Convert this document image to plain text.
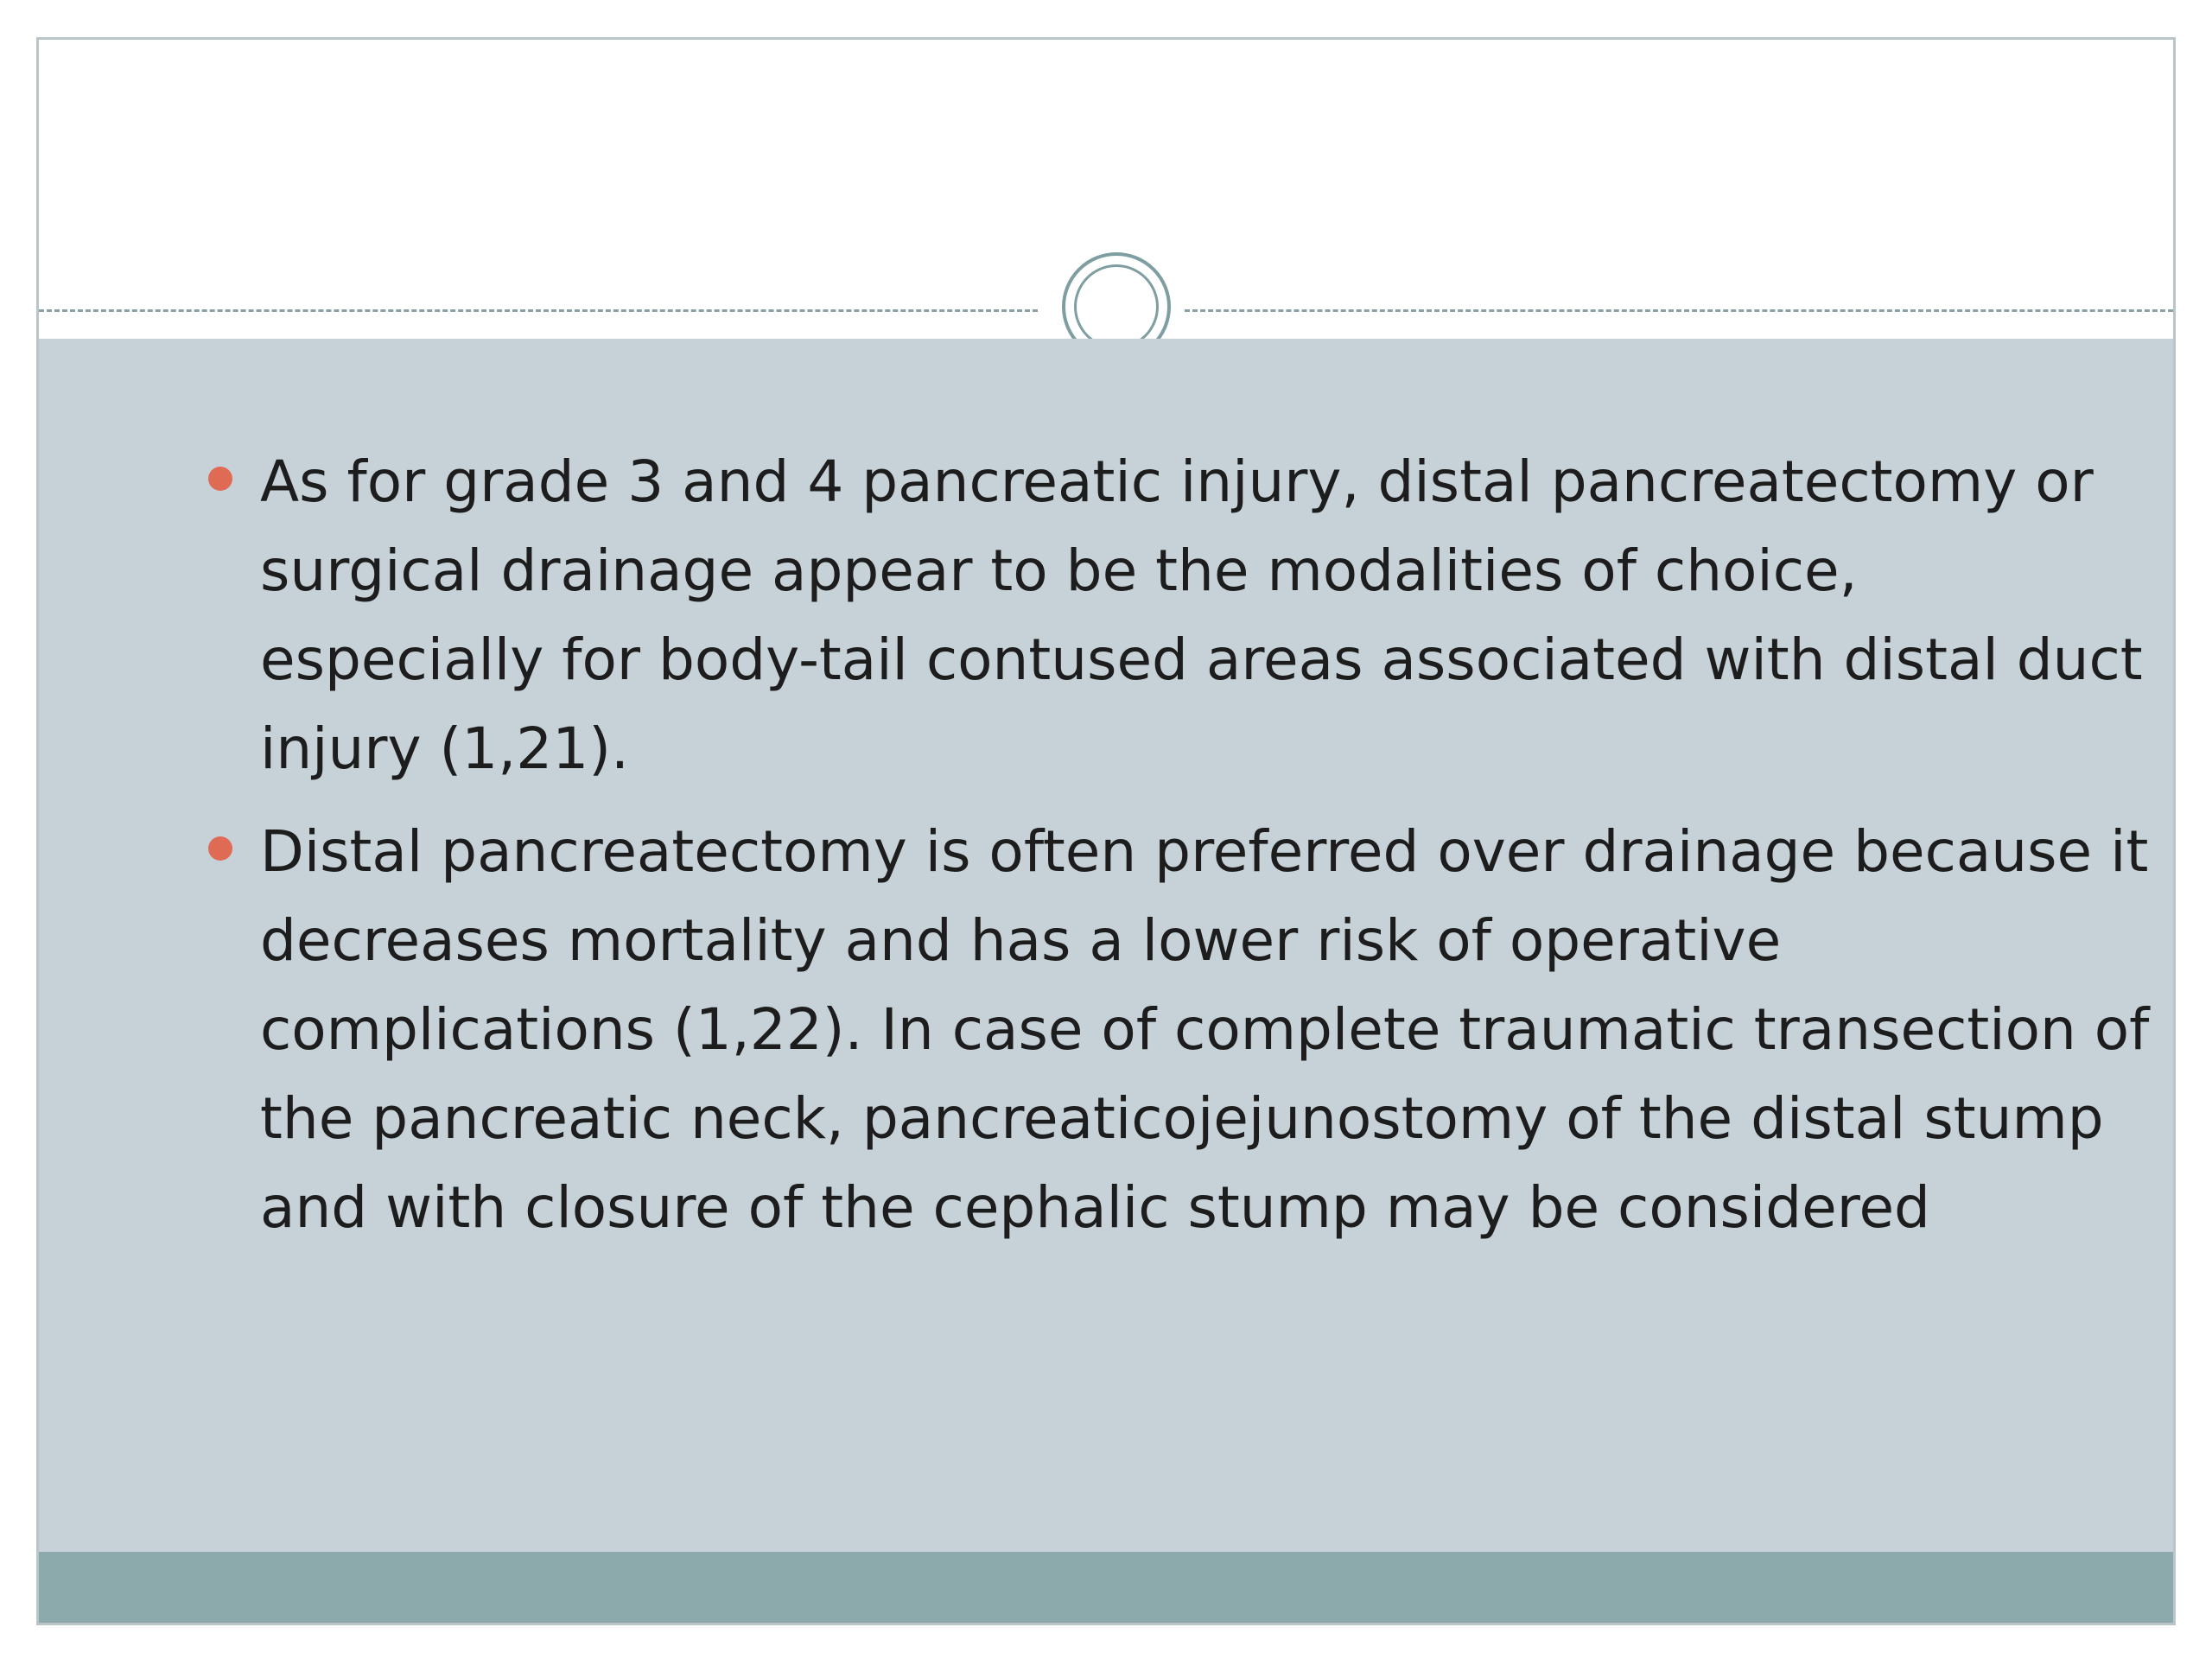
As for grade 3 and 4 pancreatic injury, distal pancreatectomy or surgical drainage appear to be the modalities of choice, especially for body-tail contused areas associated with distal duct injury (1,21).
Distal pancreatectomy is often preferred over drainage because it decreases mortality and has a lower risk of operative complications (1,22). In case of complete traumatic transection of the pancreatic neck, pancreaticojejunostomy of the distal stump and with closure of the cephalic stump may be considered
